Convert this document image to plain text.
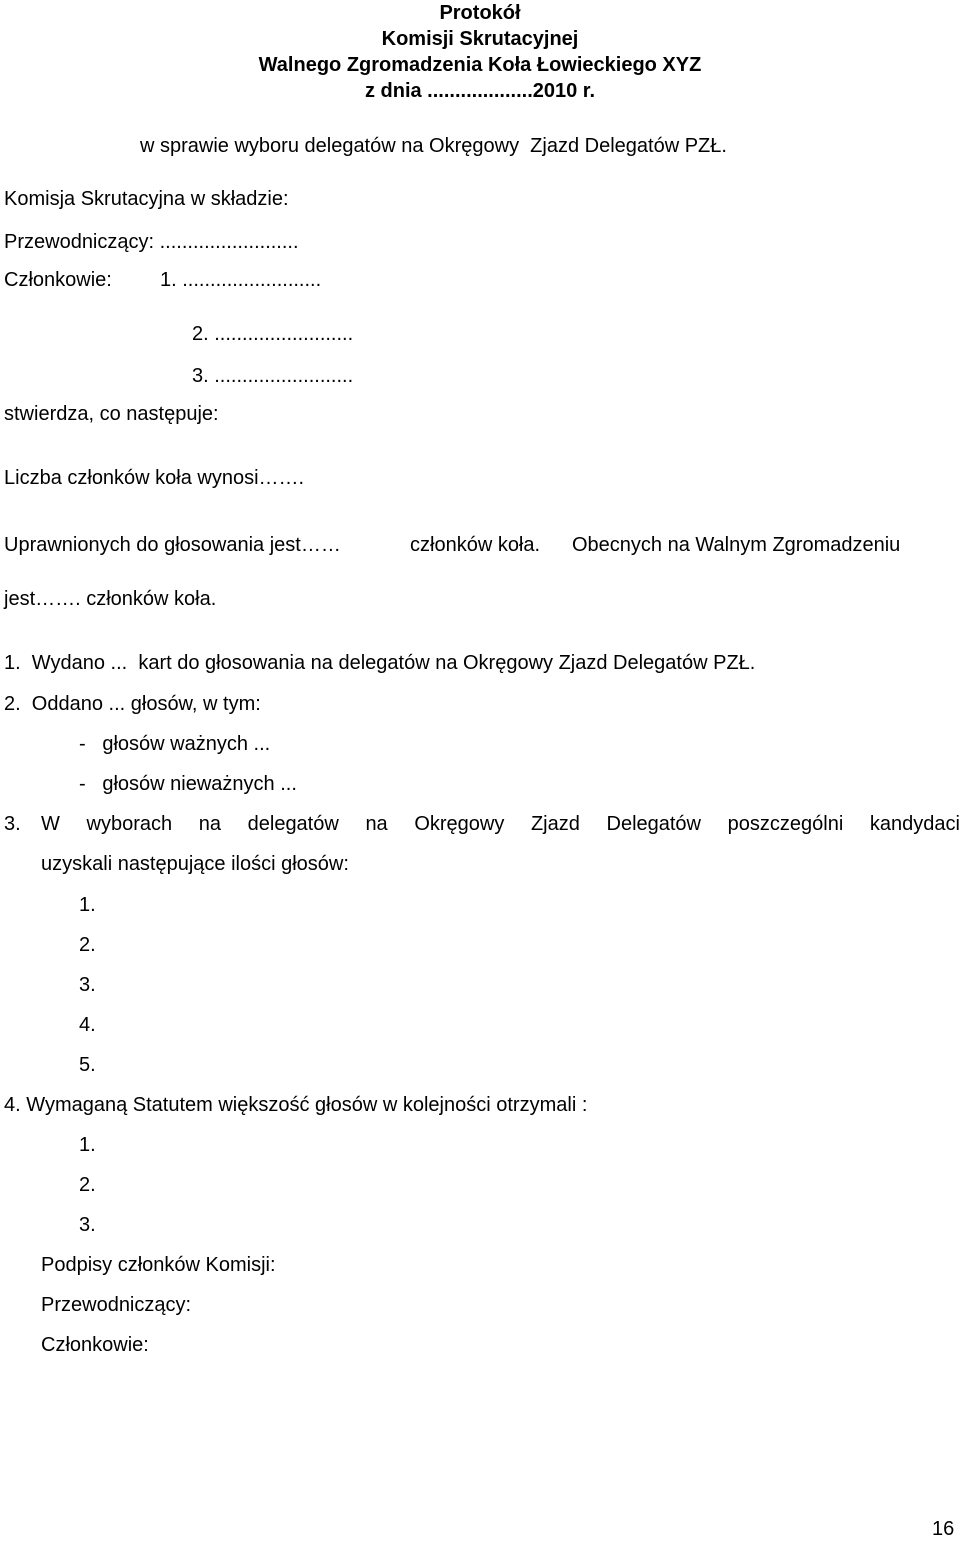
Protokół
Komisji Skrutacyjnej
Walnego Zgromadzenia Koła Łowieckiego XYZ
z dnia ...................2010 r.
w sprawie wyboru delegatów na Okręgowy  Zjazd Delegatów PZŁ.
Komisja Skrutacyjna w składzie:
Przewodniczący: .........................
Członkowie: 1. .........................
2. .........................
3. .........................
stwierdza, co następuje:
Liczba członków koła wynosi…….
Uprawnionych do głosowania jest……	członków koła. Obecnych na Walnym Zgromadzeniu
jest……. członków koła.
1.  Wydano ...  kart do głosowania na delegatów na Okręgowy Zjazd Delegatów PZŁ.
2.  Oddano ... głosów, w tym:
-   głosów ważnych ...
-   głosów nieważnych ...
3. W wyborach na delegatów na Okręgowy Zjazd Delegatów poszczególni kandydaci
uzyskali następujące ilości głosów:
1.
2.
3.
4.
5.
4. Wymaganą Statutem większość głosów w kolejności otrzymali :
1.
2.
3.
Podpisy członków Komisji:
Przewodniczący:
Członkowie:
16
